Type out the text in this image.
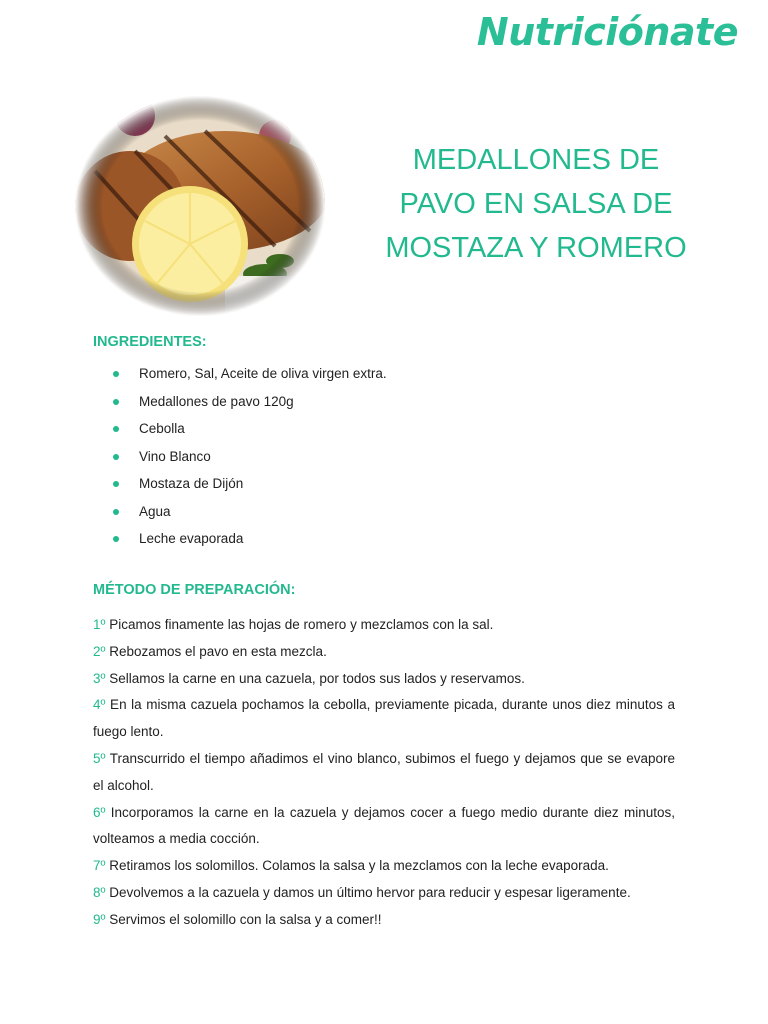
Nutriciónate
MEDALLONES DE
PAVO EN SALSA DE
MOSTAZA Y ROMERO
INGREDIENTES:
Romero, Sal, Aceite de oliva virgen extra.
Medallones de pavo 120g
Cebolla
Vino Blanco
Mostaza de Dijón
Agua
Leche evaporada
MÉTODO DE PREPARACIÓN:
1º Picamos finamente las hojas de romero y mezclamos con la sal.
2º Rebozamos el pavo en esta mezcla.
3º Sellamos la carne en una cazuela, por todos sus lados y reservamos.
4º En la misma cazuela pochamos la cebolla, previamente picada, durante unos diez minutos a fuego lento.
5º Transcurrido el tiempo añadimos el vino blanco, subimos el fuego y dejamos que se evapore el alcohol.
6º Incorporamos la carne en la cazuela y dejamos cocer a fuego medio durante diez minutos, volteamos a media cocción.
7º Retiramos los solomillos. Colamos la salsa y la mezclamos con la leche evaporada.
8º Devolvemos a la cazuela y damos un último hervor para reducir y espesar ligeramente.
9º Servimos el solomillo con la salsa y a comer!!
